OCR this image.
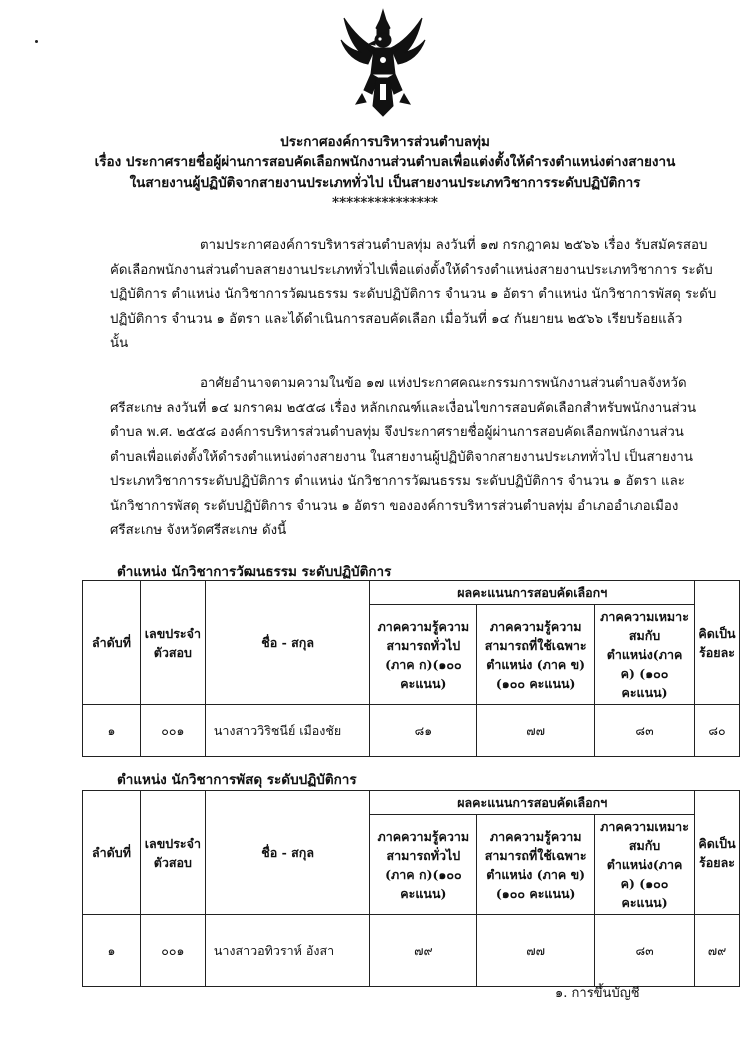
ประกาศองค์การบริหารส่วนตำบลทุ่ม
เรื่อง ประกาศรายชื่อผู้ผ่านการสอบคัดเลือกพนักงานส่วนตำบลเพื่อแต่งตั้งให้ดำรงตำแหน่งต่างสายงาน
ในสายงานผู้ปฏิบัติจากสายงานประเภททั่วไป เป็นสายงานประเภทวิชาการระดับปฏิบัติการ
***************

ตามประกาศองค์การบริหารส่วนตำบลทุ่ม ลงวันที่ ๑๗ กรกฎาคม ๒๕๖๖ เรื่อง รับสมัครสอบ

คัดเลือกพนักงานส่วนตำบลสายงานประเภททั่วไปเพื่อแต่งตั้งให้ดำรงตำแหน่งสายงานประเภทวิชาการ ระดับ

ปฏิบัติการ ตำแหน่ง นักวิชาการวัฒนธรรม ระดับปฏิบัติการ จำนวน ๑ อัตรา ตำแหน่ง นักวิชาการพัสดุ ระดับ

ปฏิบัติการ จำนวน ๑ อัตรา และได้ดำเนินการสอบคัดเลือก เมื่อวันที่ ๑๔ กันยายน ๒๕๖๖ เรียบร้อยแล้ว

นั้น

อาศัยอำนาจตามความในข้อ ๑๗ แห่งประกาศคณะกรรมการพนักงานส่วนตำบลจังหวัด

ศรีสะเกษ ลงวันที่ ๑๔ มกราคม ๒๕๕๘ เรื่อง หลักเกณฑ์และเงื่อนไขการสอบคัดเลือกสำหรับพนักงานส่วน

ตำบล พ.ศ. ๒๕๕๘ องค์การบริหารส่วนตำบลทุ่ม จึงประกาศรายชื่อผู้ผ่านการสอบคัดเลือกพนักงานส่วน

ตำบลเพื่อแต่งตั้งให้ดำรงตำแหน่งต่างสายงาน ในสายงานผู้ปฏิบัติจากสายงานประเภททั่วไป เป็นสายงาน

ประเภทวิชาการระดับปฏิบัติการ ตำแหน่ง นักวิชาการวัฒนธรรม ระดับปฏิบัติการ จำนวน ๑ อัตรา และ

นักวิชาการพัสดุ ระดับปฏิบัติการ จำนวน ๑ อัตรา ขององค์การบริหารส่วนตำบลทุ่ม อำเภออำเภอเมือง

ศรีสะเกษ จังหวัดศรีสะเกษ ดังนี้

ตำแหน่ง นักวิชาการวัฒนธรรม ระดับปฏิบัติการ
ลำดับที่	เลขประจำตัวสอบ	ชื่อ - สกุล	ผลคะแนนการสอบคัดเลือกฯ			คิดเป็นร้อยละ
			ภาคความรู้ความสามารถทั่วไป (ภาค ก)(๑๐๐ คะแนน)	ภาคความรู้ความสามารถที่ใช้เฉพาะตำแหน่ง (ภาค ข) (๑๐๐ คะแนน)	ภาคความเหมาะสมกับตำแหน่ง(ภาค ค) (๑๐๐ คะแนน)	
๑	๐๐๑	นางสาววิริชนีย์ เมืองชัย	๘๑	๗๗	๘๓	๘๐
ตำแหน่ง นักวิชาการพัสดุ ระดับปฏิบัติการ
ลำดับที่	เลขประจำตัวสอบ	ชื่อ - สกุล	ผลคะแนนการสอบคัดเลือกฯ			คิดเป็นร้อยละ
			ภาคความรู้ความสามารถทั่วไป (ภาค ก)(๑๐๐ คะแนน)	ภาคความรู้ความสามารถที่ใช้เฉพาะตำแหน่ง (ภาค ข) (๑๐๐ คะแนน)	ภาคความเหมาะสมกับตำแหน่ง(ภาค ค) (๑๐๐ คะแนน)	
๑	๐๐๑	นางสาวอทิวราห์ อังสา	๗๙	๗๗	๘๓	๗๙
๑. การขึ้นบัญชี
